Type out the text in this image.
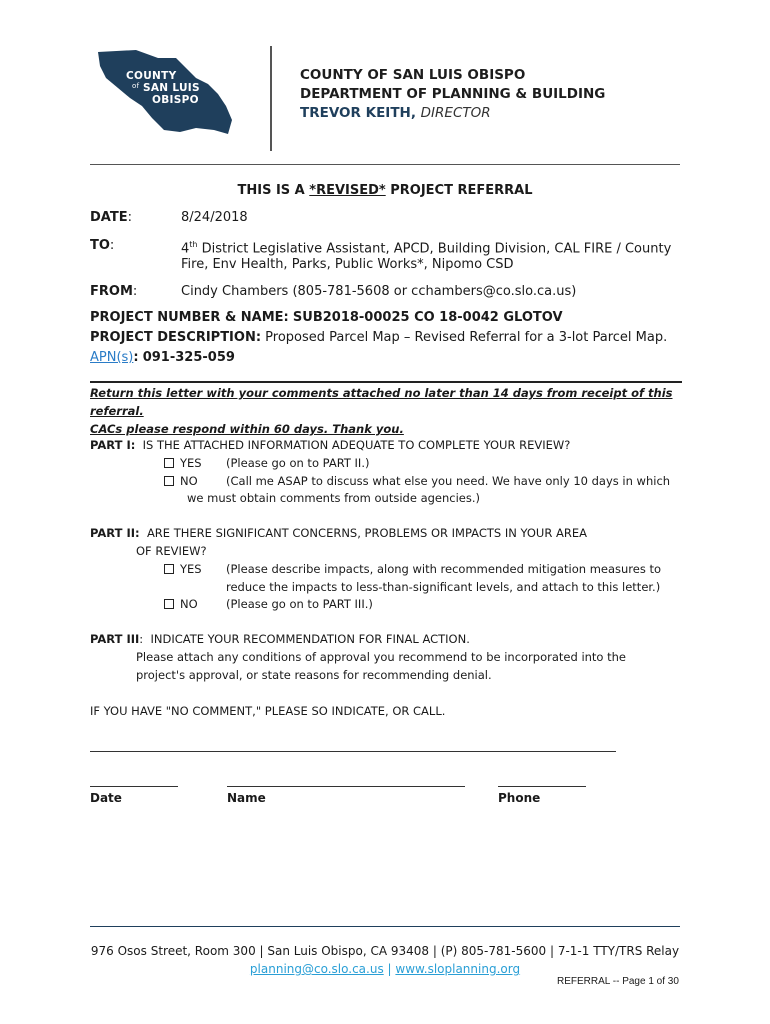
COUNTY
of SAN LUIS
OBISPO
COUNTY OF SAN LUIS OBISPO
DEPARTMENT OF PLANNING & BUILDING
TREVOR KEITH, DIRECTOR
THIS IS A *REVISED* PROJECT REFERRAL
DATE:	8/24/2018
TO:	4th District Legislative Assistant, APCD, Building Division, CAL FIRE / County
Fire, Env Health, Parks, Public Works*, Nipomo CSD
FROM:	Cindy Chambers (805-781-5608 or cchambers@co.slo.ca.us)
PROJECT NUMBER & NAME: SUB2018-00025 CO 18-0042 GLOTOV
PROJECT DESCRIPTION: Proposed Parcel Map – Revised Referral for a 3-lot Parcel Map.
APN(s): 091-325-059
Return this letter with your comments attached no later than 14 days from receipt of this referral.
CACs please respond within 60 days. Thank you.
PART I: IS THE ATTACHED INFORMATION ADEQUATE TO COMPLETE YOUR REVIEW?
YES (Please go on to PART II.)
NO (Call me ASAP to discuss what else you need. We have only 10 days in which
we must obtain comments from outside agencies.)
PART II: ARE THERE SIGNIFICANT CONCERNS, PROBLEMS OR IMPACTS IN YOUR AREA
OF REVIEW?
YES (Please describe impacts, along with recommended mitigation measures to
reduce the impacts to less-than-significant levels, and attach to this letter.)
NO (Please go on to PART III.)
PART III:  INDICATE YOUR RECOMMENDATION FOR FINAL ACTION.
Please attach any conditions of approval you recommend to be incorporated into the
project's approval, or state reasons for recommending denial.
IF YOU HAVE "NO COMMENT," PLEASE SO INDICATE, OR CALL.
Date	Name	Phone
976 Osos Street, Room 300 | San Luis Obispo, CA 93408 | (P) 805-781-5600 | 7-1-1 TTY/TRS Relay
planning@co.slo.ca.us | www.sloplanning.org
REFERRAL -- Page 1 of 30
